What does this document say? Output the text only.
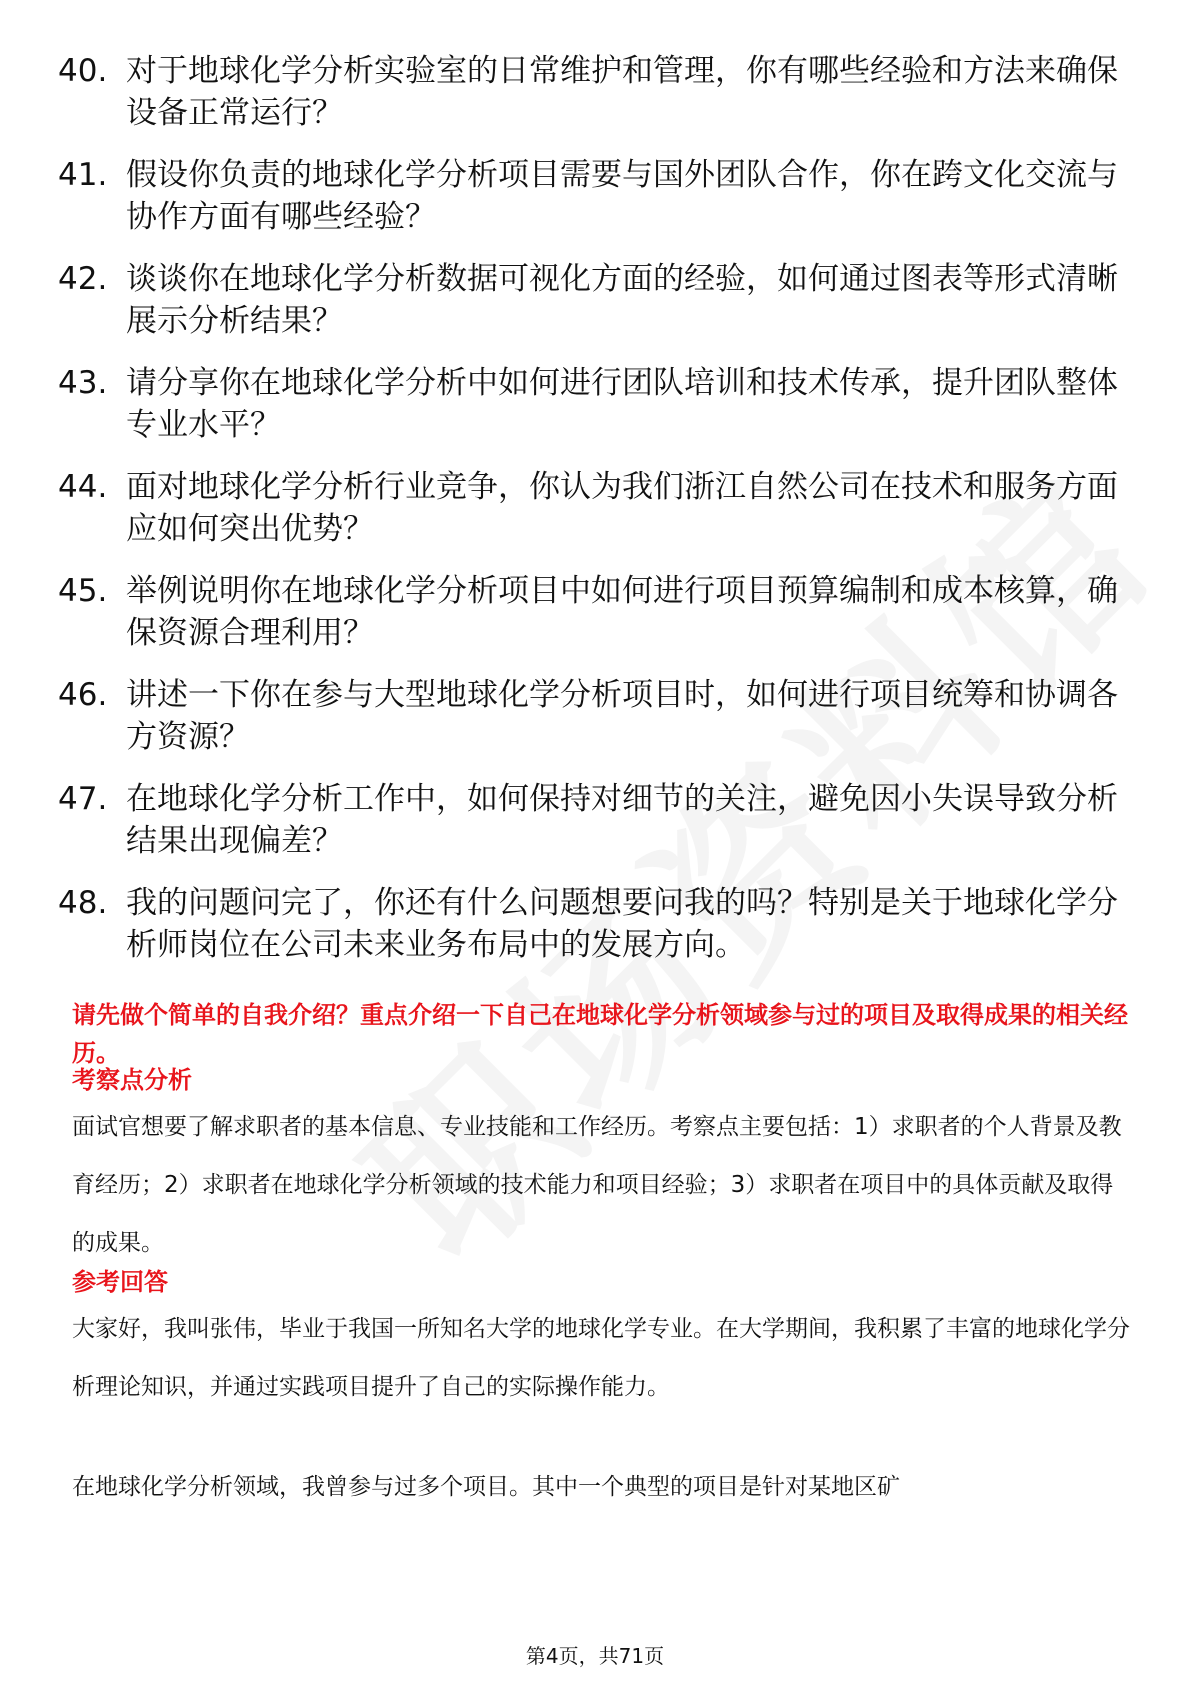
40. 对于地球化学分析实验室的日常维护和管理，你有哪些经验和方法来确保设备正常运行？
41. 假设你负责的地球化学分析项目需要与国外团队合作，你在跨文化交流与协作方面有哪些经验？
42. 谈谈你在地球化学分析数据可视化方面的经验，如何通过图表等形式清晰展示分析结果？
43. 请分享你在地球化学分析中如何进行团队培训和技术传承，提升团队整体专业水平？
44. 面对地球化学分析行业竞争，你认为我们浙江自然公司在技术和服务方面应如何突出优势？
45. 举例说明你在地球化学分析项目中如何进行项目预算编制和成本核算，确保资源合理利用？
46. 讲述一下你在参与大型地球化学分析项目时，如何进行项目统筹和协调各方资源？
47. 在地球化学分析工作中，如何保持对细节的关注，避免因小失误导致分析结果出现偏差？
48. 我的问题问完了，你还有什么问题想要问我的吗？特别是关于地球化学分析师岗位在公司未来业务布局中的发展方向。
请先做个简单的自我介绍？重点介绍一下自己在地球化学分析领域参与过的项目及取得成果的相关经历。
考察点分析
面试官想要了解求职者的基本信息、专业技能和工作经历。考察点主要包括：1）求职者的个人背景及教育经历；2）求职者在地球化学分析领域的技术能力和项目经验；3）求职者在项目中的具体贡献及取得的成果。
参考回答
大家好，我叫张伟，毕业于我国一所知名大学的地球化学专业。在大学期间，我积累了丰富的地球化学分析理论知识，并通过实践项目提升了自己的实际操作能力。
在地球化学分析领域，我曾参与过多个项目。其中一个典型的项目是针对某地区矿
第4页，共71页
